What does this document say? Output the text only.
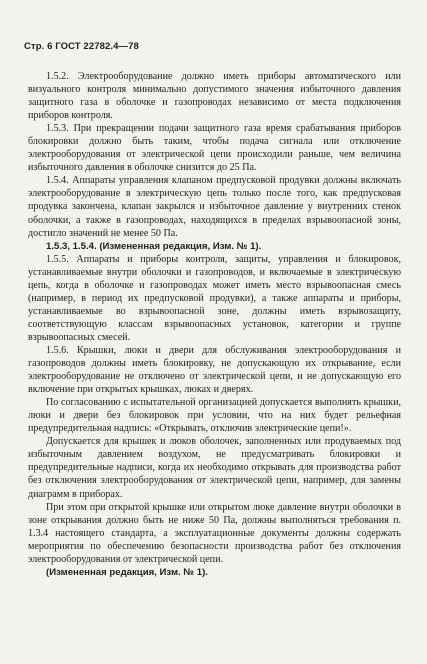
Стр. 6 ГОСТ 22782.4—78

1.5.2. Электрооборудование должно иметь приборы автоматического или визуального контроля минимально допустимого значения избыточного давления защитного газа в оболочке и газопроводах независимо от места подключения приборов контроля.

1.5.3. При прекращении подачи защитного газа время срабатывания приборов блокировки должно быть таким, чтобы подача сигнала или отключение электрооборудования от электрической цепи происходили раньше, чем величина избыточного давления в оболочке снизится до 25 Па.

1.5.4. Аппараты управления клапаном предпусковой продувки должны включать электрооборудование в электрическую цепь только после того, как предпусковая продувка закончена, клапан закрылся и избыточное давление у внутренних стенок оболочки, а также в газопроводах, находящихся в пределах взрывоопасной зоны, достигло значений не менее 50 Па.

1.5.3, 1.5.4. (Измененная редакция, Изм. № 1).

1.5.5. Аппараты и приборы контроля, защиты, управления и блокировок, устанавливаемые внутри оболочки и газопроводов, и включаемые в электрическую цепь, когда в оболочке и газопроводах может иметь место взрывоопасная смесь (например, в период их предпусковой продувки), а также аппараты и приборы, устанавливаемые во взрывоопасной зоне, должны иметь взрывозащиту, соответствующую классам взрывоопасных установок, категории и группе взрывоопасных смесей.

1.5.6. Крышки, люки и двери для обслуживания электрооборудования и газопроводов должны иметь блокировку, не допускающую их открывание, если электрооборудование не отключено от электрической цепи, и не допускающую его включение при открытых крышках, люках и дверях.

По согласованию с испытательной организацией допускается выполнять крышки, люки и двери без блокировок при условии, что на них будет рельефная предупредительная надпись: «Открывать, отключив электрические цепи!».

Допускается для крышек и люков оболочек, заполненных или продуваемых под избыточным давлением воздухом, не предусматривать блокировки и предупредительные надписи, когда их необходимо открывать для производства работ без отключения электрооборудования от электрической цепи, например, для замены диаграмм в приборах.

При этом при открытой крышке или открытом люке давление внутри оболочки в зоне открывания должно быть не ниже 50 Па, должны выполняться требования п. 1.3.4 настоящего стандарта, а эксплуатационные документы должны содержать мероприятия по обеспечению безопасности производства работ без отключения электрооборудования от электрической цепи.

(Измененная редакция, Изм. № 1).
